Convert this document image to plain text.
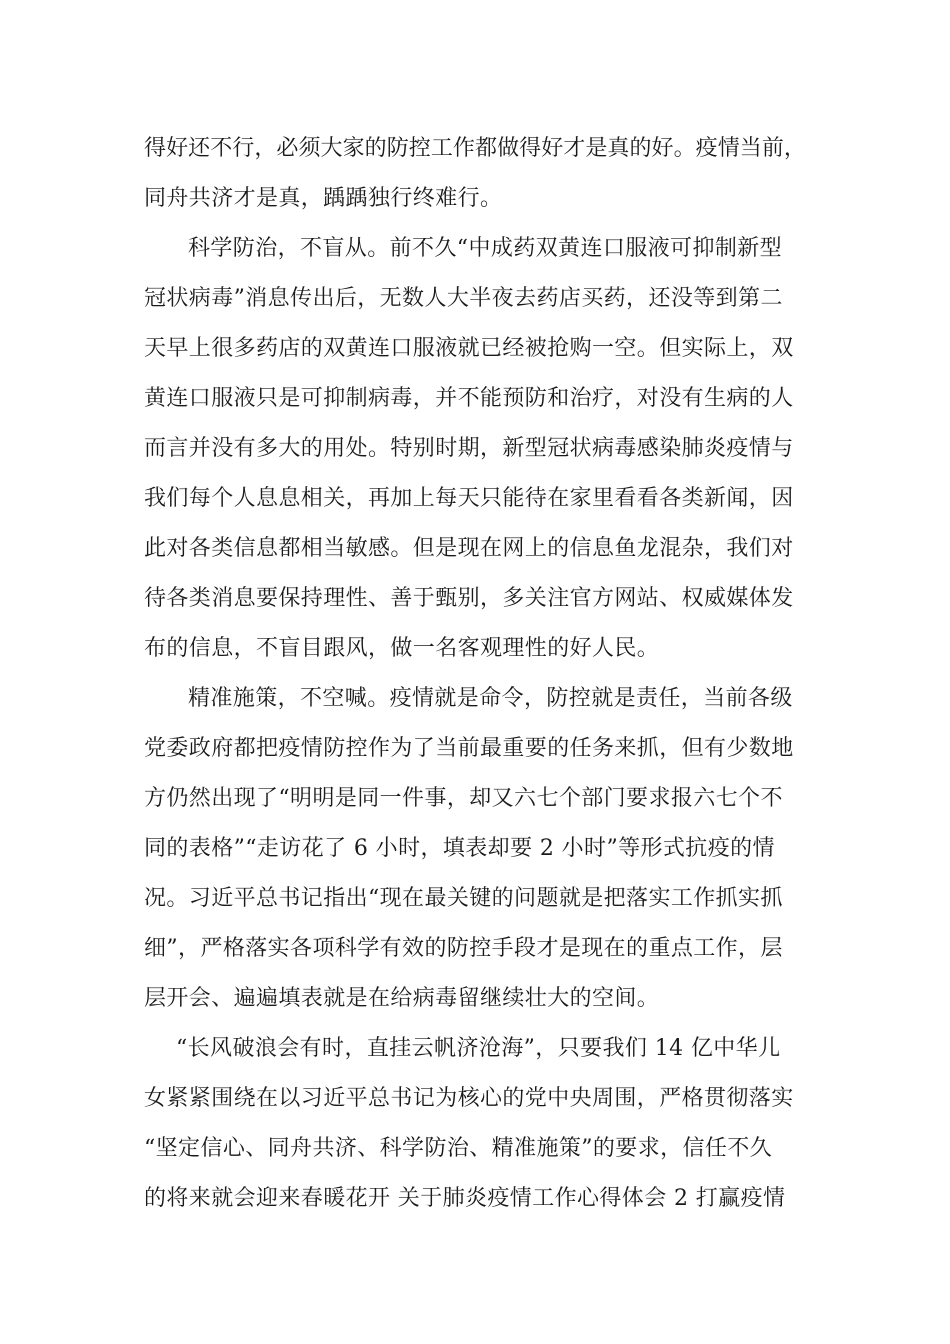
得好还不行，必须大家的防控工作都做得好才是真的好。疫情当前，
同舟共济才是真，踽踽独行终难行。
科学防治，不盲从。前不久“中成药双黄连口服液可抑制新型
冠状病毒”消息传出后，无数人大半夜去药店买药，还没等到第二
天早上很多药店的双黄连口服液就已经被抢购一空。但实际上，双
黄连口服液只是可抑制病毒，并不能预防和治疗，对没有生病的人
而言并没有多大的用处。特别时期，新型冠状病毒感染肺炎疫情与
我们每个人息息相关，再加上每天只能待在家里看看各类新闻，因
此对各类信息都相当敏感。但是现在网上的信息鱼龙混杂，我们对
待各类消息要保持理性、善于甄别，多关注官方网站、权威媒体发
布的信息，不盲目跟风，做一名客观理性的好人民。
精准施策，不空喊。疫情就是命令，防控就是责任，当前各级
党委政府都把疫情防控作为了当前最重要的任务来抓，但有少数地
方仍然出现了“明明是同一件事，却又六七个部门要求报六七个不
同的表格”“走访花了 6 小时，填表却要 2 小时”等形式抗疫的情
况。习近平总书记指出“现在最关键的问题就是把落实工作抓实抓
细”，严格落实各项科学有效的防控手段才是现在的重点工作，层
层开会、遍遍填表就是在给病毒留继续壮大的空间。
“长风破浪会有时，直挂云帆济沧海”，只要我们 14 亿中华儿
女紧紧围绕在以习近平总书记为核心的党中央周围，严格贯彻落实
“坚定信心、同舟共济、科学防治、精准施策”的要求，信任不久
的将来就会迎来春暖花开 关于肺炎疫情工作心得体会 2 打赢疫情
